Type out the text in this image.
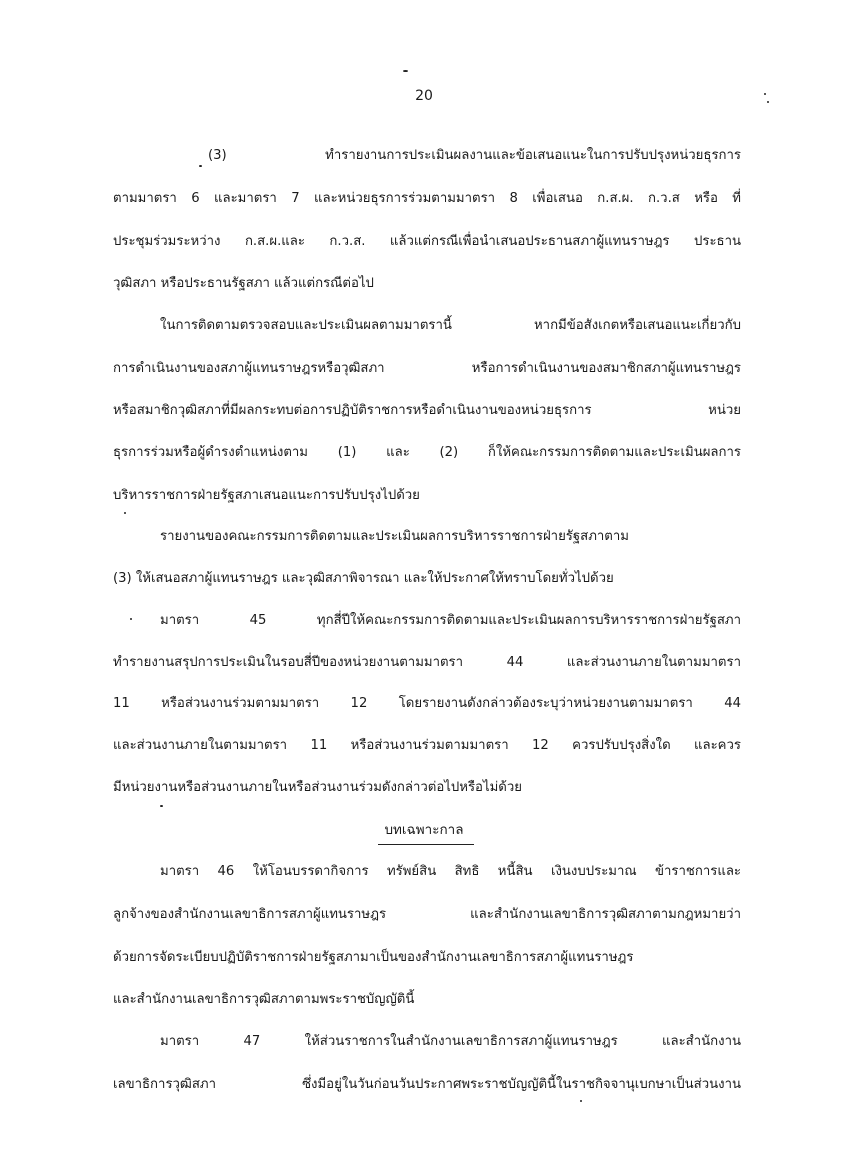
20
(3) ทำรายงานการประเมินผลงานและข้อเสนอแนะในการปรับปรุงหน่วยธุรการ
ตามมาตรา 6 และมาตรา 7 และหน่วยธุรการร่วมตามมาตรา 8 เพื่อเสนอ ก.ส.ผ. ก.ว.ส หรือ ที่
ประชุมร่วมระหว่าง ก.ส.ผ.และ ก.ว.ส. แล้วแต่กรณีเพื่อนำเสนอประธานสภาผู้แทนราษฎร ประธาน
วุฒิสภา หรือประธานรัฐสภา แล้วแต่กรณีต่อไป
ในการติดตามตรวจสอบและประเมินผลตามมาตรานี้ หากมีข้อสังเกตหรือเสนอแนะเกี่ยวกับ
การดำเนินงานของสภาผู้แทนราษฎรหรือวุฒิสภา หรือการดำเนินงานของสมาชิกสภาผู้แทนราษฎร
หรือสมาชิกวุฒิสภาที่มีผลกระทบต่อการปฏิบัติราชการหรือดำเนินงานของหน่วยธุรการ หน่วย
ธุรการร่วมหรือผู้ดำรงตำแหน่งตาม (1) และ (2) ก็ให้คณะกรรมการติดตามและประเมินผลการ
บริหารราชการฝ่ายรัฐสภาเสนอแนะการปรับปรุงไปด้วย
รายงานของคณะกรรมการติดตามและประเมินผลการบริหารราชการฝ่ายรัฐสภาตาม
(3) ให้เสนอสภาผู้แทนราษฎร และวุฒิสภาพิจารณา และให้ประกาศให้ทราบโดยทั่วไปด้วย
มาตรา 45 ทุกสี่ปีให้คณะกรรมการติดตามและประเมินผลการบริหารราชการฝ่ายรัฐสภา
ทำรายงานสรุปการประเมินในรอบสี่ปีของหน่วยงานตามมาตรา 44 และส่วนงานภายในตามมาตรา
11 หรือส่วนงานร่วมตามมาตรา 12 โดยรายงานดังกล่าวต้องระบุว่าหน่วยงานตามมาตรา 44
และส่วนงานภายในตามมาตรา 11 หรือส่วนงานร่วมตามมาตรา 12 ควรปรับปรุงสิ่งใด และควร
มีหน่วยงานหรือส่วนงานภายในหรือส่วนงานร่วมดังกล่าวต่อไปหรือไม่ด้วย
บทเฉพาะกาล
มาตรา 46 ให้โอนบรรดากิจการ ทรัพย์สิน สิทธิ หนี้สิน เงินงบประมาณ ข้าราชการและ
ลูกจ้างของสำนักงานเลขาธิการสภาผู้แทนราษฎร และสำนักงานเลขาธิการวุฒิสภาตามกฎหมายว่า
ด้วยการจัดระเบียบปฏิบัติราชการฝ่ายรัฐสภามาเป็นของสำนักงานเลขาธิการสภาผู้แทนราษฎร
และสำนักงานเลขาธิการวุฒิสภาตามพระราชบัญญัตินี้
มาตรา 47 ให้ส่วนราชการในสำนักงานเลขาธิการสภาผู้แทนราษฎร และสำนักงาน
เลขาธิการวุฒิสภา ซึ่งมีอยู่ในวันก่อนวันประกาศพระราชบัญญัตินี้ในราชกิจจานุเบกษาเป็นส่วนงาน
